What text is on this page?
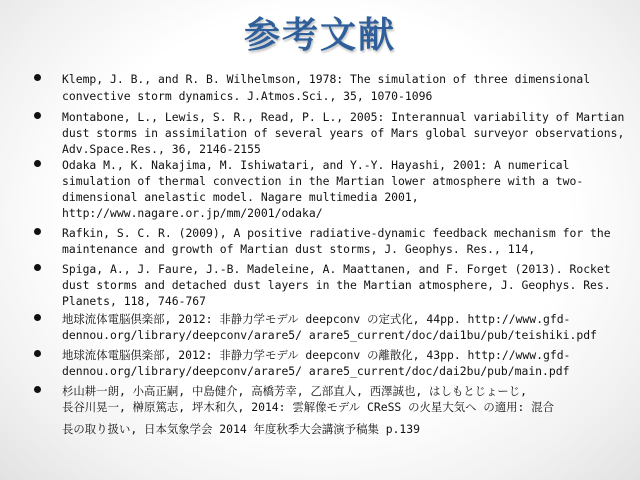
参考文献
Klemp, J. B., and R. B. Wilhelmson, 1978: The simulation of three dimensional
convective storm dynamics. J.Atmos.Sci., 35, 1070-1096
Montabone, L., Lewis, S. R., Read, P. L., 2005: Interannual variability of Martian
dust storms in assimilation of several years of Mars global surveyor observations,
Adv.Space.Res., 36, 2146-2155
Odaka M., K. Nakajima, M. Ishiwatari, and Y.-Y. Hayashi, 2001: A numerical
simulation of thermal convection in the Martian lower atmosphere with a two-
dimensional anelastic model. Nagare multimedia 2001,
http://www.nagare.or.jp/mm/2001/odaka/
Rafkin, S. C. R. (2009), A positive radiative-dynamic feedback mechanism for the
maintenance and growth of Martian dust storms, J. Geophys. Res., 114,
Spiga, A., J. Faure, J.-B. Madeleine, A. Maattanen, and F. Forget (2013). Rocket
dust storms and detached dust layers in the Martian atmosphere, J. Geophys. Res.
Planets, 118, 746-767
地球流体電脳倶楽部, 2012: 非静力学モデル deepconv の定式化, 44pp. http://www.gfd-
dennou.org/library/deepconv/arare5/ arare5_current/doc/dai1bu/pub/teishiki.pdf
地球流体電脳倶楽部, 2012: 非静力学モデル deepconv の離散化, 43pp. http://www.gfd-
dennou.org/library/deepconv/arare5/ arare5_current/doc/dai2bu/pub/main.pdf
杉山耕一朗, 小高正嗣, 中島健介, 高橋芳幸, 乙部直人, 西澤誠也, はしもとじょーじ,
長谷川晃一, 榊原篤志, 坪木和久, 2014: 雲解像モデル CReSS の火星大気へ の適用: 混合
長の取り扱い, 日本気象学会 2014 年度秋季大会講演予稿集 p.139
